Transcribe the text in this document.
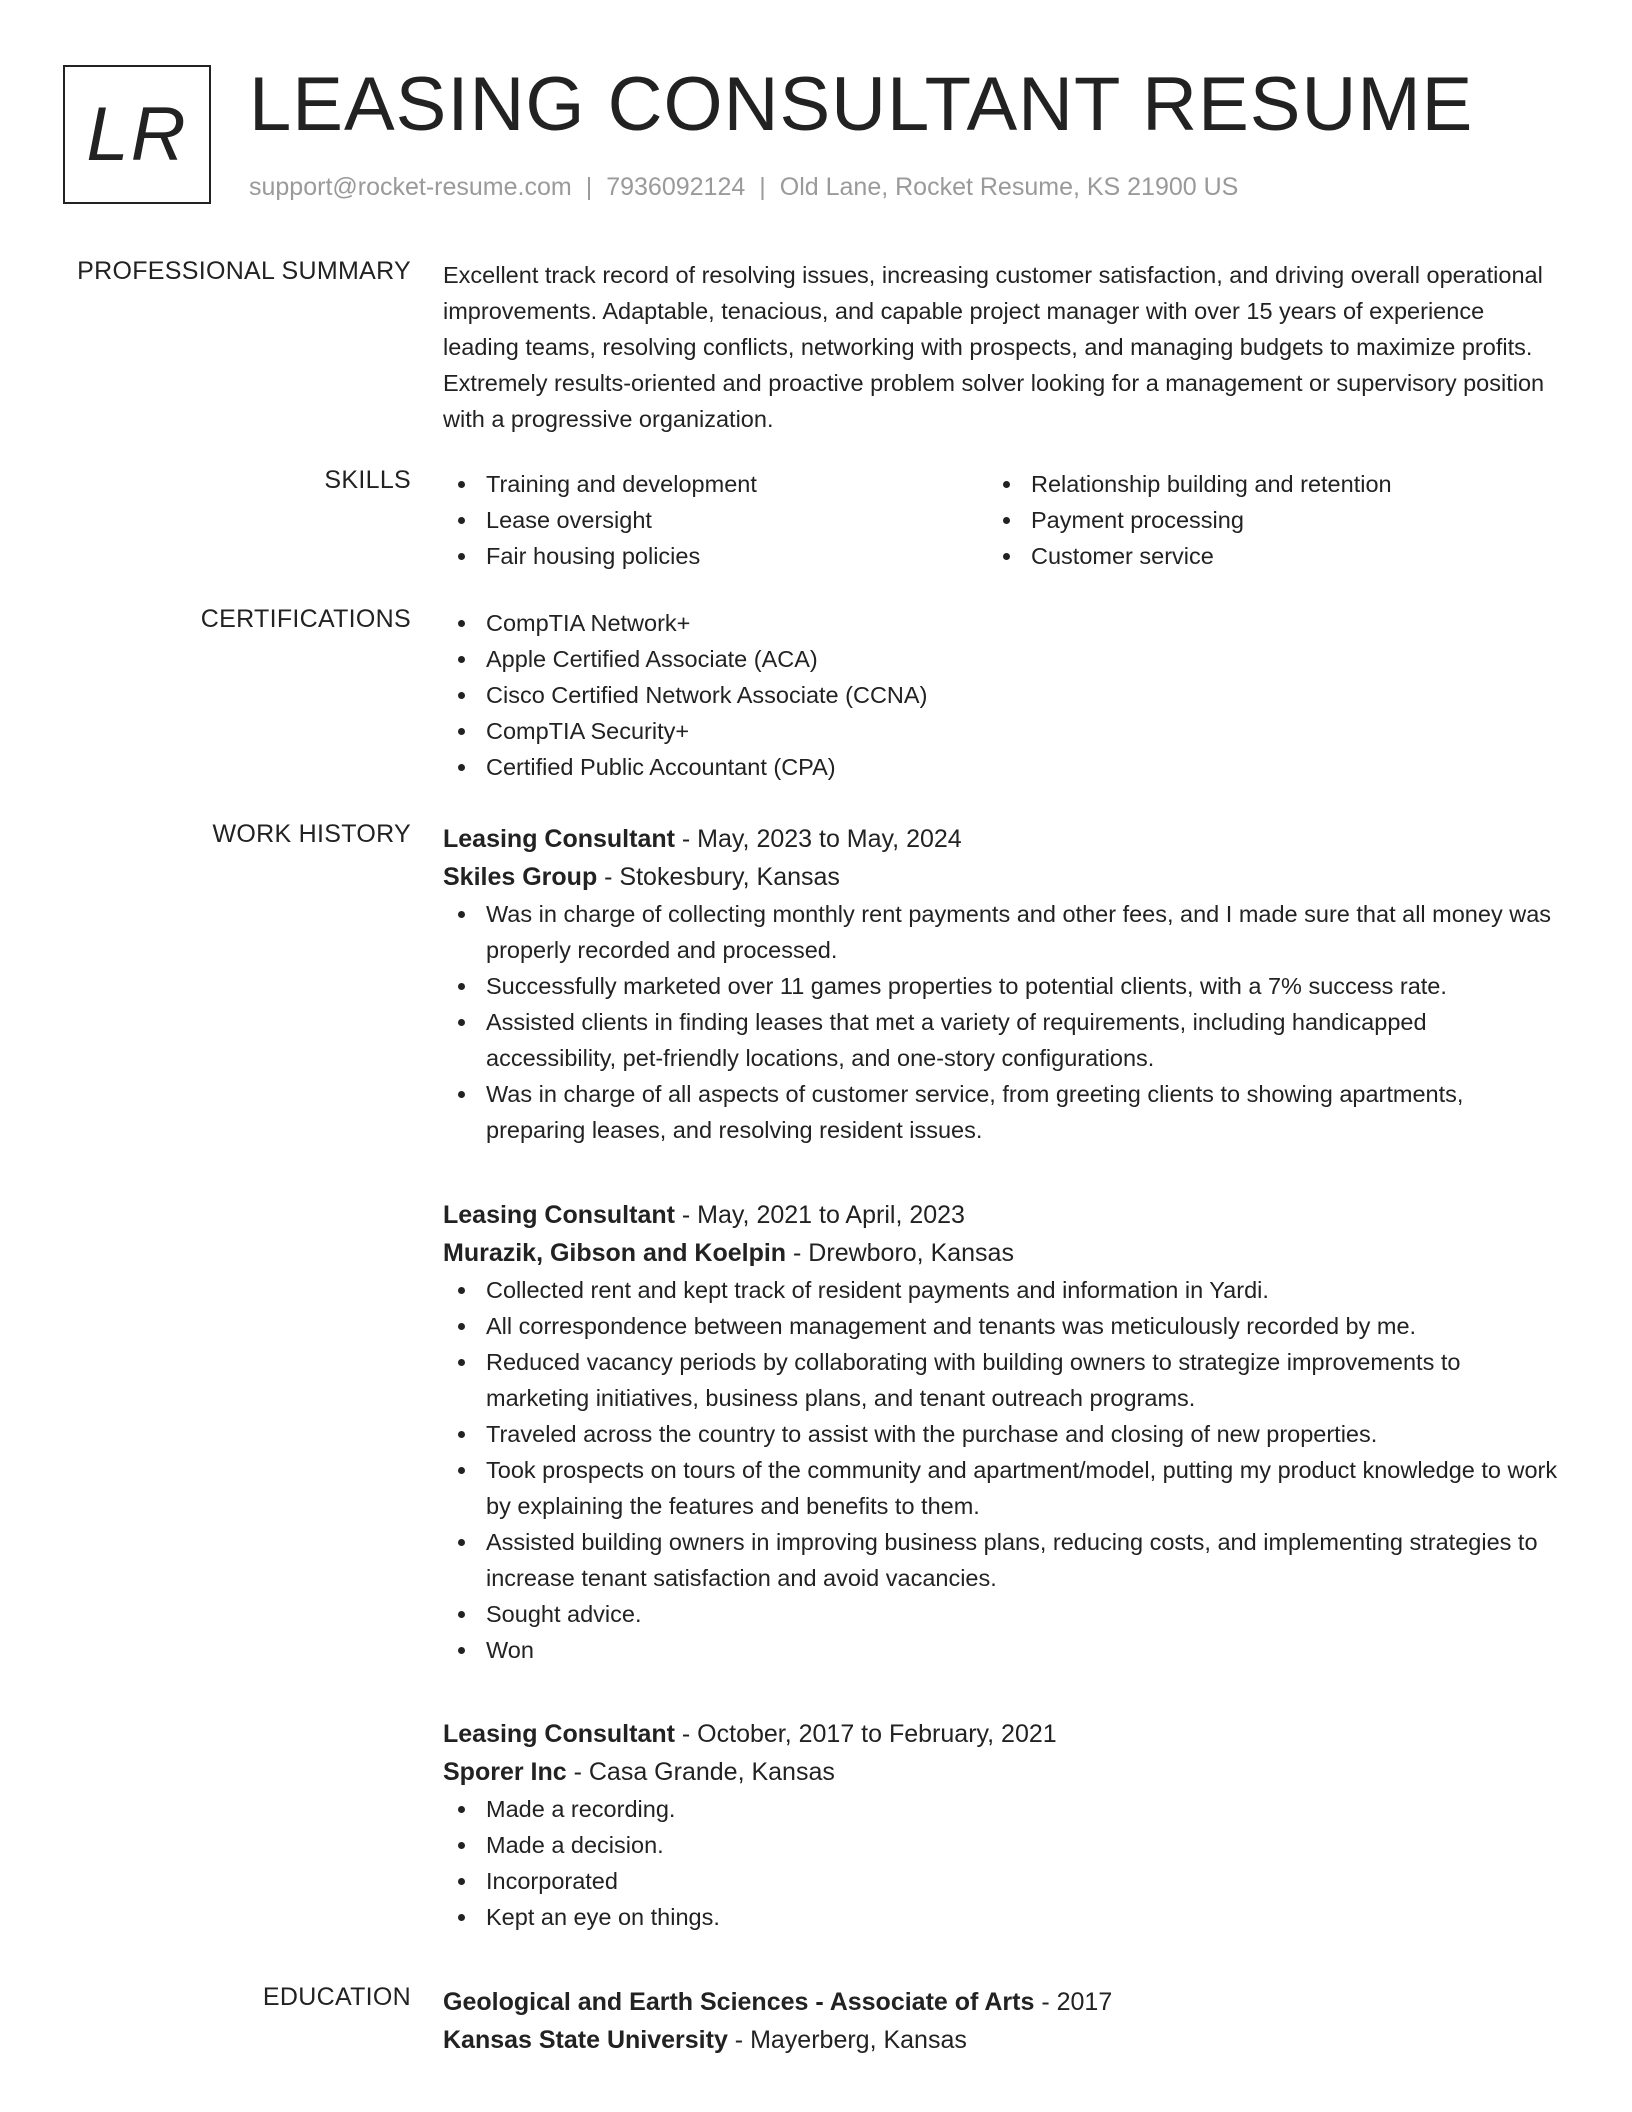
LR LEASING CONSULTANT RESUME
support@rocket-resume.com | 7936092124 | Old Lane, Rocket Resume, KS 21900 US
PROFESSIONAL SUMMARY Excellent track record of resolving issues, increasing customer satisfaction, and driving overall operational improvements. Adaptable, tenacious, and capable project manager with over 15 years of experience leading teams, resolving conflicts, networking with prospects, and managing budgets to maximize profits. Extremely results-oriented and proactive problem solver looking for a management or supervisory position with a progressive organization.

SKILLS	Training and development
Lease oversight
Fair housing policies
Relationship building and retention
Payment processing
Customer service
CERTIFICATIONS	CompTIA Network+
Apple Certified Associate (ACA)
Cisco Certified Network Associate (CCNA)
CompTIA Security+
Certified Public Accountant (CPA)
WORK HISTORY Leasing Consultant - May, 2023 to May, 2024
Skiles Group - Stokesbury, Kansas
Was in charge of collecting monthly rent payments and other fees, and I made sure that all money was properly recorded and processed.
Successfully marketed over 11 games properties to potential clients, with a 7% success rate.
Assisted clients in finding leases that met a variety of requirements, including handicapped accessibility, pet-friendly locations, and one-story configurations.
Was in charge of all aspects of customer service, from greeting clients to showing apartments, preparing leases, and resolving resident issues.
Leasing Consultant - May, 2021 to April, 2023
Murazik, Gibson and Koelpin - Drewboro, Kansas
Collected rent and kept track of resident payments and information in Yardi.
All correspondence between management and tenants was meticulously recorded by me.
Reduced vacancy periods by collaborating with building owners to strategize improvements to marketing initiatives, business plans, and tenant outreach programs.
Traveled across the country to assist with the purchase and closing of new properties.
Took prospects on tours of the community and apartment/model, putting my product knowledge to work by explaining the features and benefits to them.
Assisted building owners in improving business plans, reducing costs, and implementing strategies to increase tenant satisfaction and avoid vacancies.
Sought advice.
Won
Leasing Consultant - October, 2017 to February, 2021
Sporer Inc - Casa Grande, Kansas
Made a recording.
Made a decision.
Incorporated
Kept an eye on things.
EDUCATION Geological and Earth Sciences - Associate of Arts - 2017
Kansas State University - Mayerberg, Kansas
